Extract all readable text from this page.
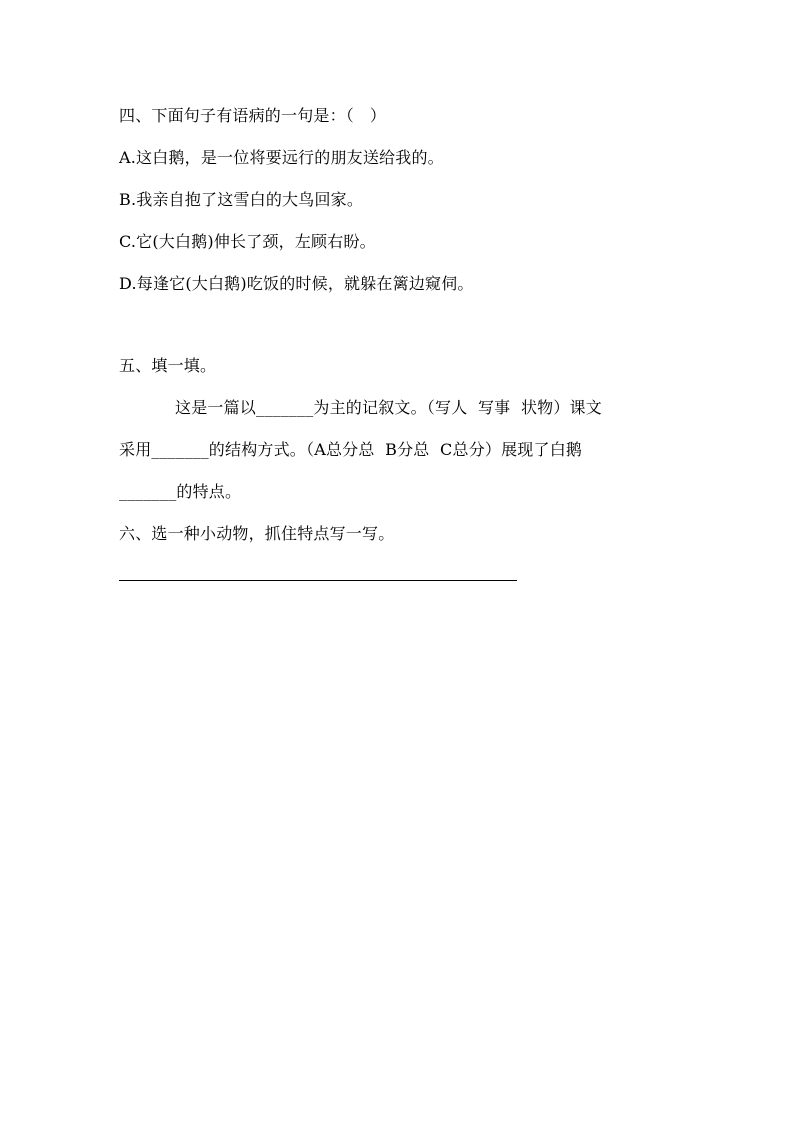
四、下面句子有语病的一句是：（   ）
A.这白鹅，是一位将要远行的朋友送给我的。
B.我亲自抱了这雪白的大鸟回家。
C.它(大白鹅)伸长了颈，左顾右盼。
D.每逢它(大白鹅)吃饭的时候，就躲在篱边窥伺。
五、填一填。
这是一篇以_______为主的记叙文。（写人  写事  状物）课文
采用_______的结构方式。（A总分总  B分总  C总分）展现了白鹅
_______的特点。
六、选一种小动物，抓住特点写一写。
